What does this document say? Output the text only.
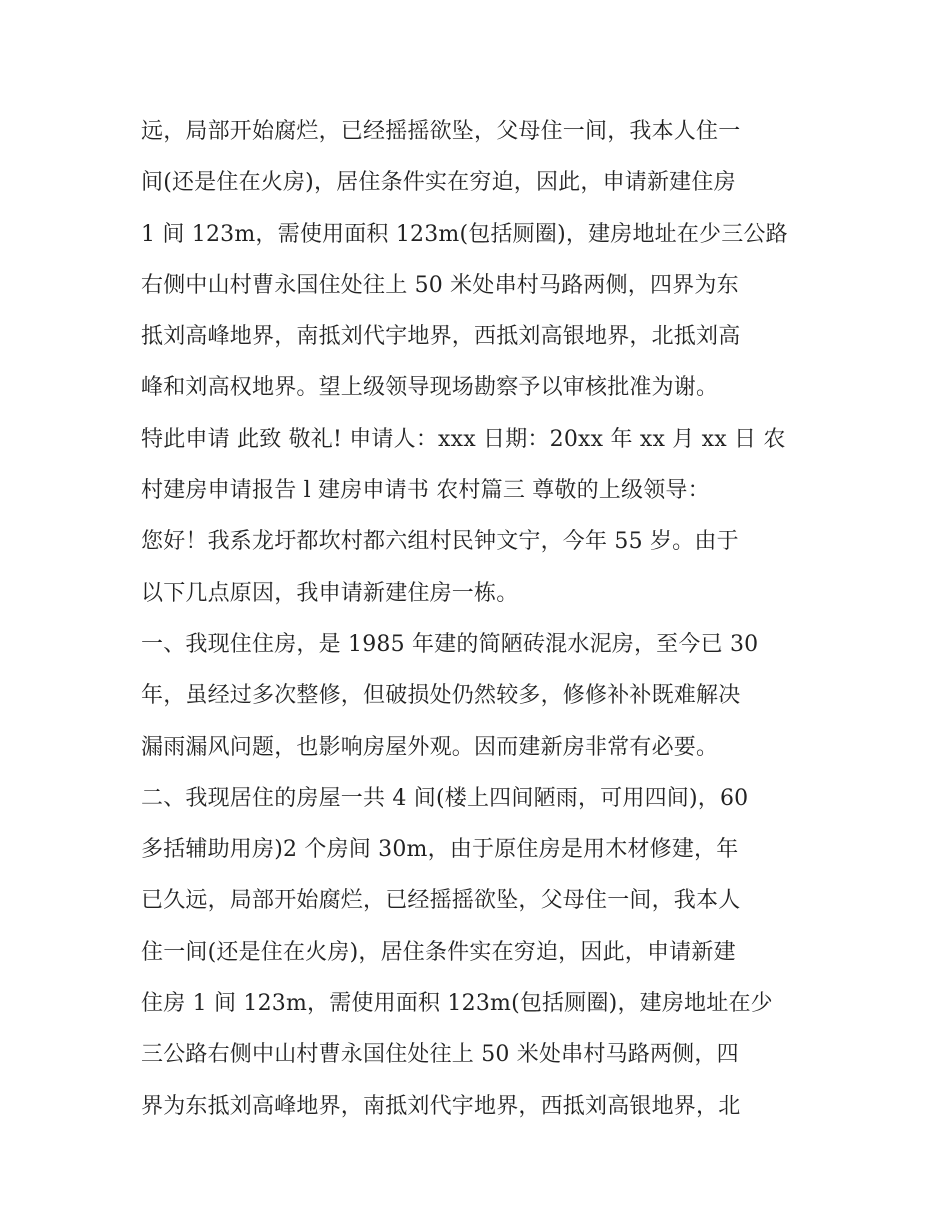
远，局部开始腐烂，已经摇摇欲坠，父母住一间，我本人住一
间(还是住在火房)，居住条件实在穷迫，因此，申请新建住房
1 间 123m，需使用面积 123m(包括厕圈)，建房地址在少三公路
右侧中山村曹永国住处往上 50 米处串村马路两侧，四界为东
抵刘高峰地界，南抵刘代宇地界，西抵刘高银地界，北抵刘高
峰和刘高权地界。望上级领导现场勘察予以审核批准为谢。
特此申请 此致 敬礼! 申请人：xxx 日期：20xx 年 xx 月 xx 日 农
村建房申请报告 l 建房申请书 农村篇三 尊敬的上级领导：
您好！我系龙圩都坎村都六组村民钟文宁，今年 55 岁。由于
以下几点原因，我申请新建住房一栋。
一、我现住住房，是 1985 年建的简陋砖混水泥房，至今已 30
年，虽经过多次整修，但破损处仍然较多，修修补补既难解决
漏雨漏风问题，也影响房屋外观。因而建新房非常有必要。
二、我现居住的房屋一共 4 间(楼上四间陋雨，可用四间)，60
多括辅助用房)2 个房间 30m，由于原住房是用木材修建，年
已久远，局部开始腐烂，已经摇摇欲坠，父母住一间，我本人
住一间(还是住在火房)，居住条件实在穷迫，因此，申请新建
住房 1 间 123m，需使用面积 123m(包括厕圈)，建房地址在少
三公路右侧中山村曹永国住处往上 50 米处串村马路两侧，四
界为东抵刘高峰地界，南抵刘代宇地界，西抵刘高银地界，北
